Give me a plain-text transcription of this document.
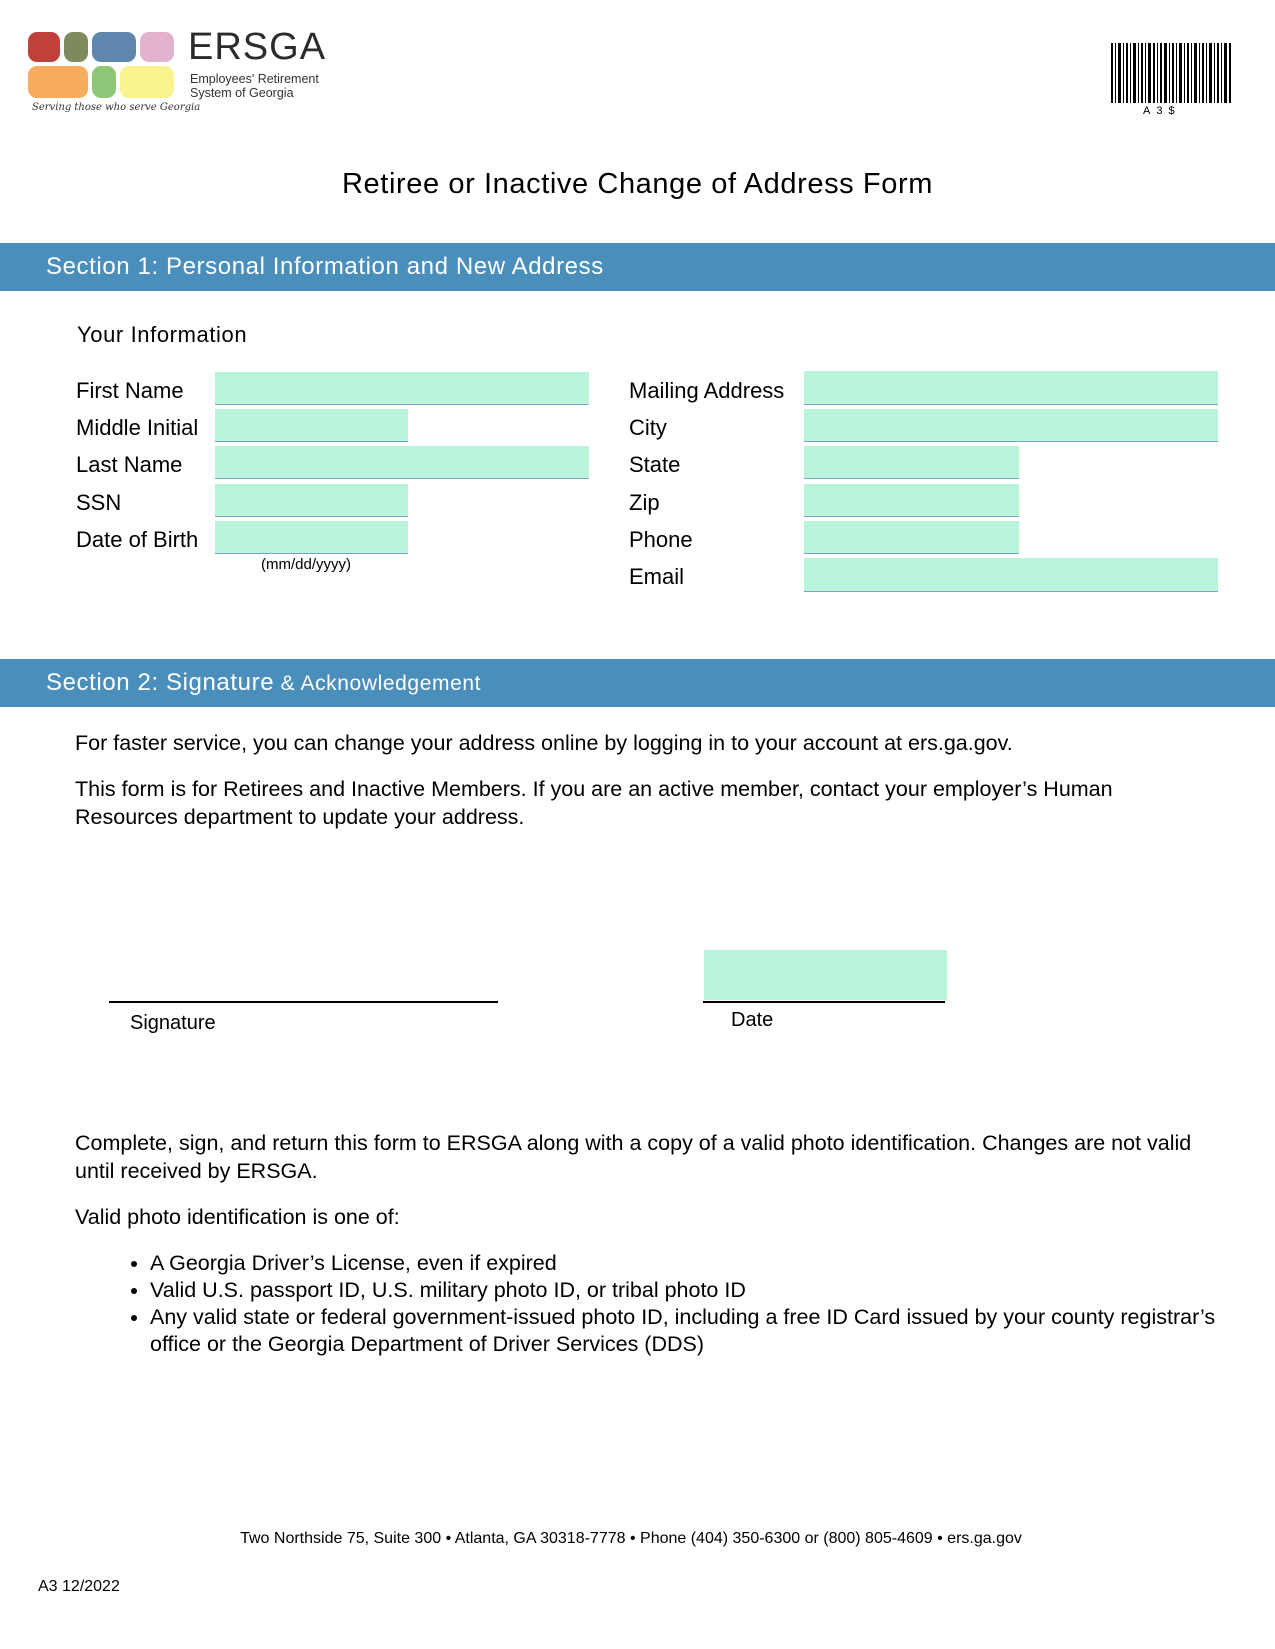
ERSGA
Employees' Retirement
System of Georgia
Serving those who serve Georgia	A3$
Retiree or Inactive Change of Address Form
Section 1: Personal Information and New Address
Your Information
First Name
Middle Initial
Last Name
SSN
Date of Birth
(mm/dd/yyyy)
Mailing Address
City
State
Zip
Phone
Email
Section 2: Signature & Acknowledgement
For faster service, you can change your address online by logging in to your account at ers.ga.gov.
This form is for Retirees and Inactive Members. If you are an active member, contact your employer’s Human Resources department to update your address.
Signature	Date
Complete, sign, and return this form to ERSGA along with a copy of a valid photo identification. Changes are not valid until received by ERSGA.
Valid photo identification is one of:
• A Georgia Driver’s License, even if expired
• Valid U.S. passport ID, U.S. military photo ID, or tribal photo ID
• Any valid state or federal government-issued photo ID, including a free ID Card issued by your county registrar’s office or the Georgia Department of Driver Services (DDS)
Two Northside 75, Suite 300 • Atlanta, GA 30318-7778 • Phone (404) 350-6300 or (800) 805-4609 • ers.ga.gov
A3 12/2022
